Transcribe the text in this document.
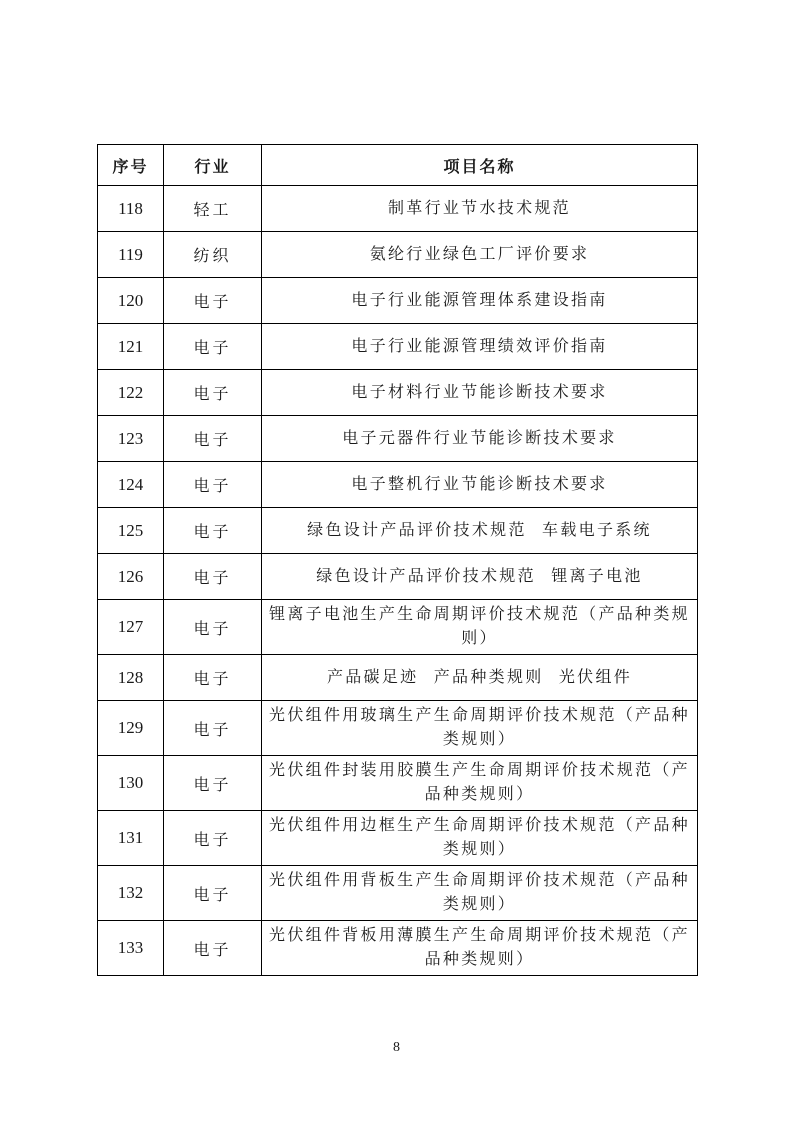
序号	行业	项目名称
118	轻工	制革行业节水技术规范
119	纺织	氨纶行业绿色工厂评价要求
120	电子	电子行业能源管理体系建设指南
121	电子	电子行业能源管理绩效评价指南
122	电子	电子材料行业节能诊断技术要求
123	电子	电子元器件行业节能诊断技术要求
124	电子	电子整机行业节能诊断技术要求
125	电子	绿色设计产品评价技术规范 车载电子系统
126	电子	绿色设计产品评价技术规范 锂离子电池
127	电子	锂离子电池生产生命周期评价技术规范（产品种类规则）
128	电子	产品碳足迹 产品种类规则 光伏组件
129	电子	光伏组件用玻璃生产生命周期评价技术规范（产品种类规则）
130	电子	光伏组件封装用胶膜生产生命周期评价技术规范（产品种类规则）
131	电子	光伏组件用边框生产生命周期评价技术规范（产品种类规则）
132	电子	光伏组件用背板生产生命周期评价技术规范（产品种类规则）
133	电子	光伏组件背板用薄膜生产生命周期评价技术规范（产品种类规则）
8
